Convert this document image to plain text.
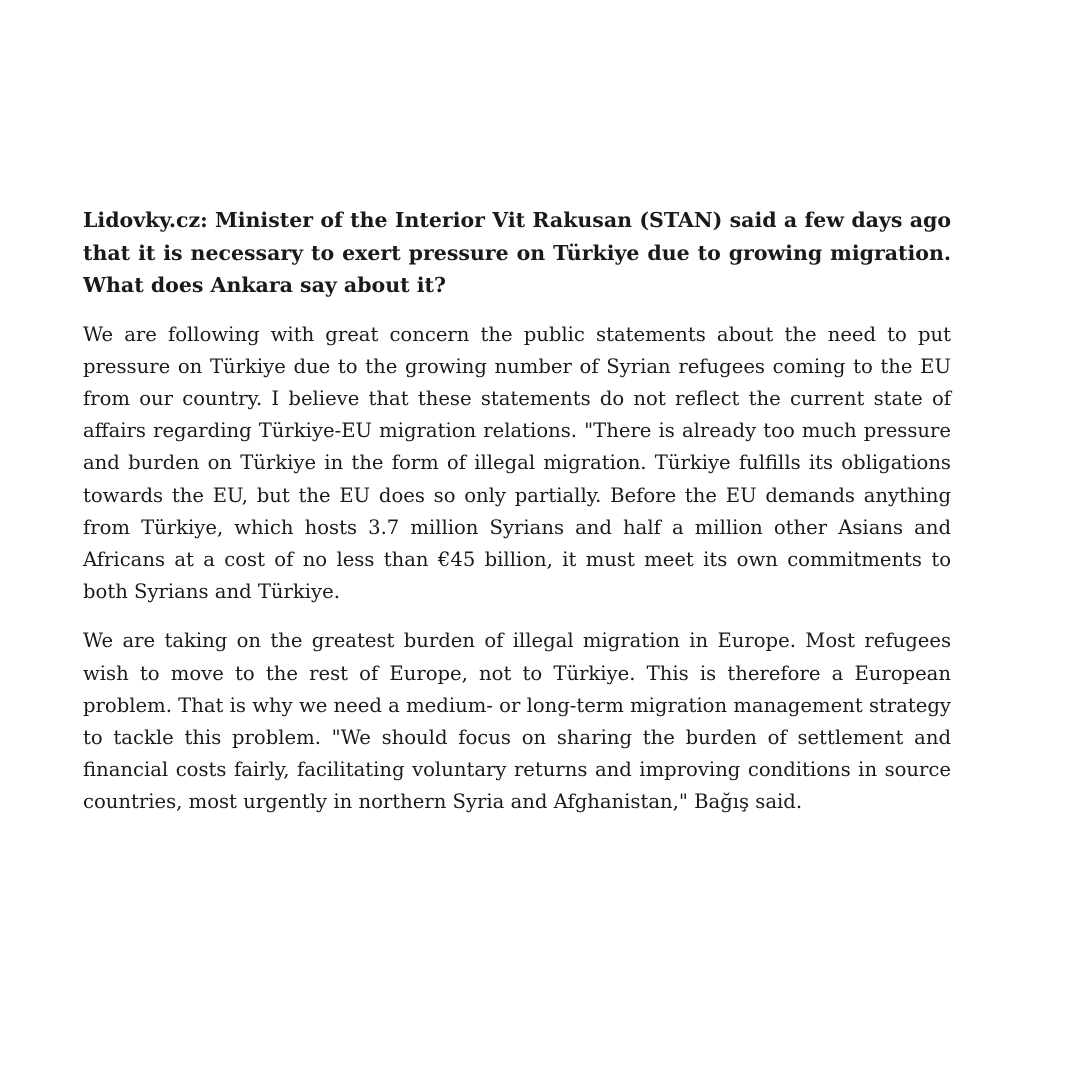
Lidovky.cz: Minister of the Interior Vit Rakusan (STAN) said a few days ago that it is necessary to exert pressure on Türkiye due to growing migration. What does Ankara say about it?

We are following with great concern the public statements about the need to put pressure on Türkiye due to the growing number of Syrian refugees coming to the EU from our country. I believe that these statements do not reflect the current state of affairs regarding Türkiye-EU migration relations. "There is already too much pressure and burden on Türkiye in the form of illegal migration. Türkiye fulfills its obligations towards the EU, but the EU does so only partially. Before the EU demands anything from Türkiye, which hosts 3.7 million Syrians and half a million other Asians and Africans at a cost of no less than €45 billion, it must meet its own commitments to both Syrians and Türkiye.

We are taking on the greatest burden of illegal migration in Europe. Most refugees wish to move to the rest of Europe, not to Türkiye. This is therefore a European problem. That is why we need a medium- or long-term migration management strategy to tackle this problem. "We should focus on sharing the burden of settlement and financial costs fairly, facilitating voluntary returns and improving conditions in source countries, most urgently in northern Syria and Afghanistan," Bağış said.
